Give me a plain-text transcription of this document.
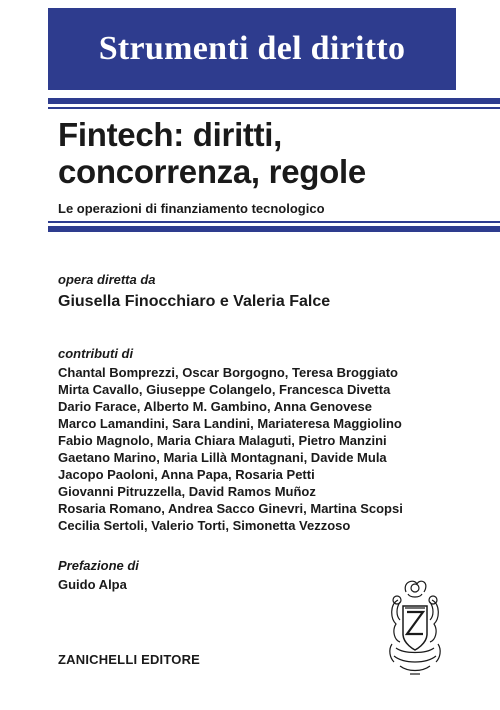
Strumenti del diritto
Fintech: diritti,
concorrenza, regole
Le operazioni di finanziamento tecnologico
opera diretta da
Giusella Finocchiaro e Valeria Falce
contributi di
Chantal Bomprezzi, Oscar Borgogno, Teresa Broggiato
Mirta Cavallo, Giuseppe Colangelo, Francesca Divetta
Dario Farace, Alberto M. Gambino, Anna Genovese
Marco Lamandini, Sara Landini, Mariateresa Maggiolino
Fabio Magnolo, Maria Chiara Malaguti, Pietro Manzini
Gaetano Marino, Maria Lillà Montagnani, Davide Mula
Jacopo Paoloni, Anna Papa, Rosaria Petti
Giovanni Pitruzzella, David Ramos Muñoz
Rosaria Romano, Andrea Sacco Ginevri, Martina Scopsi
Cecilia Sertoli, Valerio Torti, Simonetta Vezzoso
Prefazione di
Guido Alpa
ZANICHELLI EDITORE
